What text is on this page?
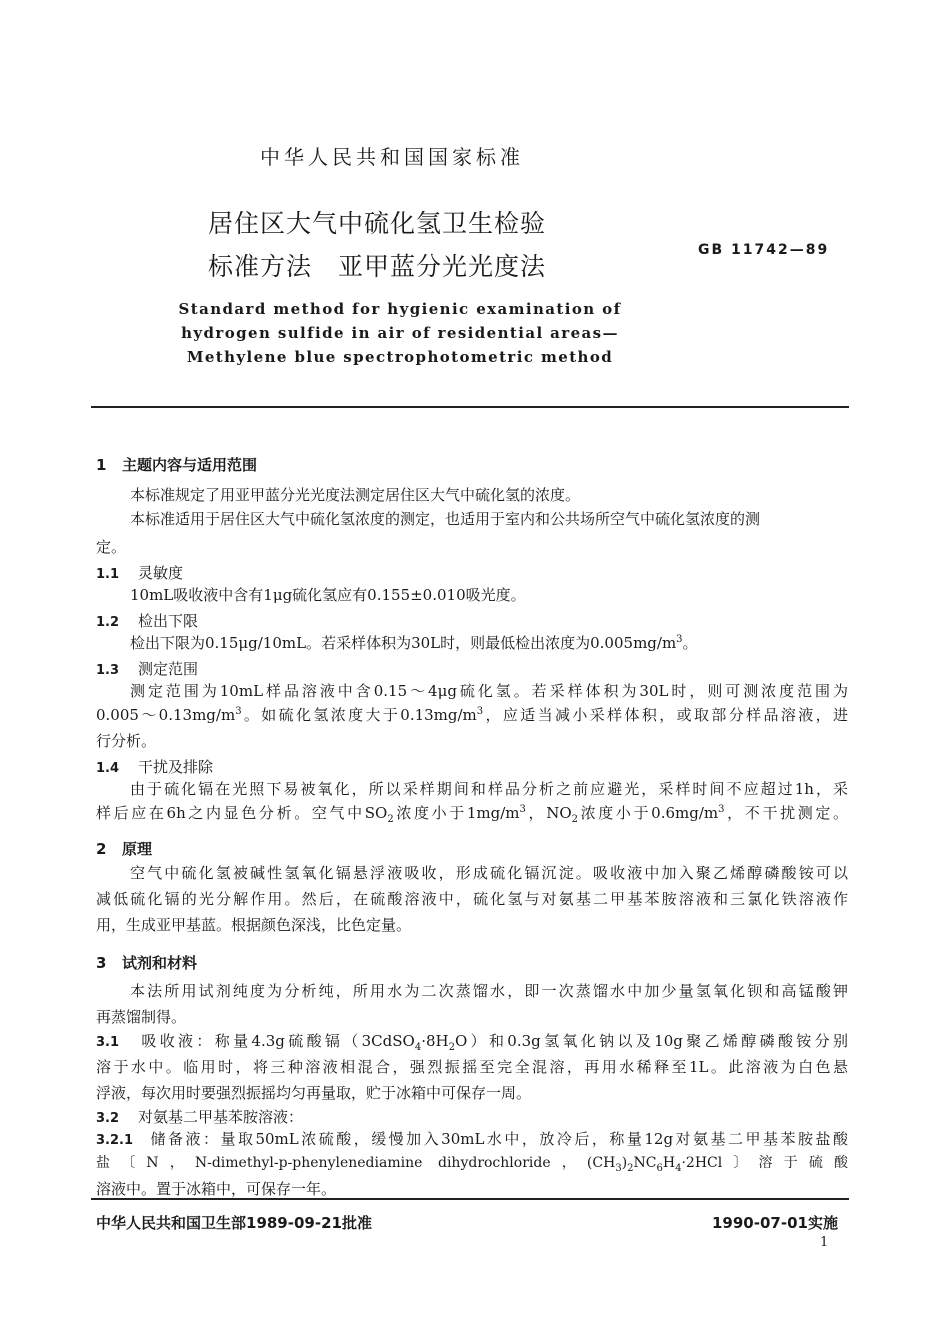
中华人民共和国国家标准
居住区大气中硫化氢卫生检验
标准方法　亚甲蓝分光光度法
GB 11742—89
Standard method for hygienic examination of
hydrogen sulfide in air of residential areas—
Methylene blue spectrophotometric method
1 主题内容与适用范围
本标准规定了用亚甲蓝分光光度法测定居住区大气中硫化氢的浓度。
本标准适用于居住区大气中硫化氢浓度的测定，也适用于室内和公共场所空气中硫化氢浓度的测
定。
1.1 灵敏度
10mL吸收液中含有1μg硫化氢应有0.155±0.010吸光度。
1.2 检出下限
检出下限为0.15μg/10mL。若采样体积为30L时，则最低检出浓度为$0.005mg/m^3$。
1.3 测定范围
测定范围为10mL样品溶液中含0.15～4μg硫化氢。若采样体积为30L时，则可测浓度范围为
$0.005\sim 0.13mg/m^3$。如硫化氢浓度大于$0.13mg/m^3$，应适当减小采样体积，或取部分样品溶液，进
行分析。
1.4 干扰及排除
由于硫化镉在光照下易被氧化，所以采样期间和样品分析之前应避光，采样时间不应超过1h，采
样后应在6h之内显色分析。空气中$SO_2$浓度小于$1mg/m^3$，$NO_2$浓度小于$0.6mg/m^3$，不干扰测定。
2 原理
空气中硫化氢被碱性氢氧化镉悬浮液吸收，形成硫化镉沉淀。吸收液中加入聚乙烯醇磷酸铵可以
减低硫化镉的光分解作用。然后，在硫酸溶液中，硫化氢与对氨基二甲基苯胺溶液和三氯化铁溶液作
用，生成亚甲基蓝。根据颜色深浅，比色定量。
3 试剂和材料
本法所用试剂纯度为分析纯，所用水为二次蒸馏水，即一次蒸馏水中加少量氢氧化钡和高锰酸钾
再蒸馏制得。
3.1 吸收液：称量4.3g硫酸镉$(3CdSO_4\cdot 8H_2O)$和0.3g氢氧化钠以及10g聚乙烯醇磷酸铵分别
溶于水中。临用时，将三种溶液相混合，强烈振摇至完全混溶，再用水稀释至1L。此溶液为白色悬
浮液，每次用时要强烈振摇均匀再量取，贮于冰箱中可保存一周。
3.2 对氨基二甲基苯胺溶液：
3.2.1 储备液：量取50mL浓硫酸，缓慢加入30mL水中，放冷后，称量12g对氨基二甲基苯胺盐酸
盐〔N，N-dimethyl-p-phenylenediamine dihydrochloride，$(CH_3)_2NC_6H_4\cdot 2HCl$〕溶于硫酸
溶液中。置于冰箱中，可保存一年。
中华人民共和国卫生部1989-09-21批准	1990-07-01实施
1
